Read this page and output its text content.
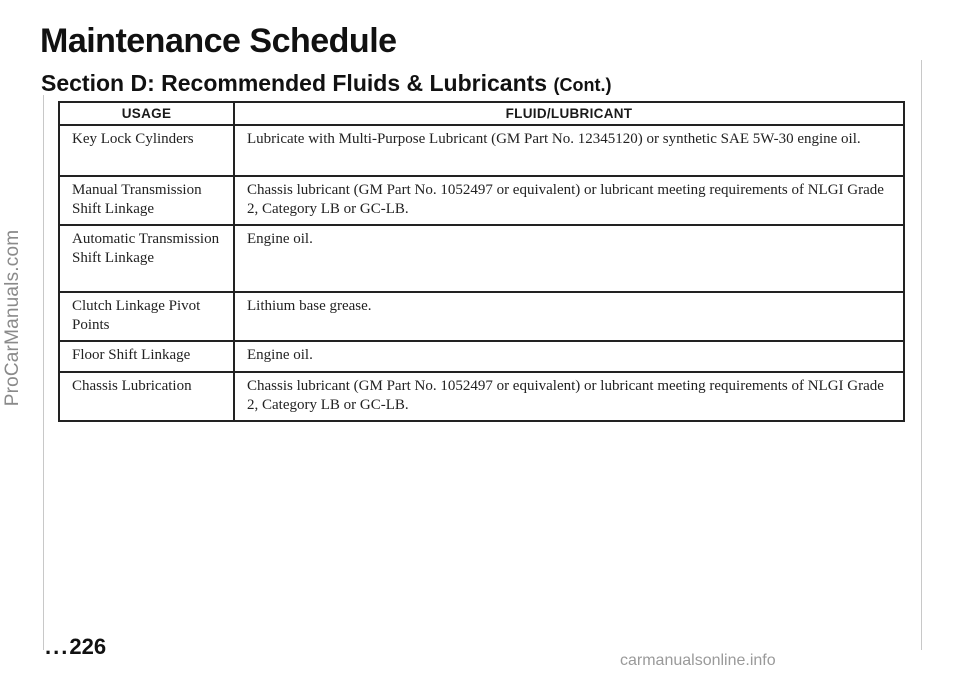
ProCarManuals.com
Maintenance Schedule
Section D: Recommended Fluids & Lubricants (Cont.)
USAGE	FLUID/LUBRICANT
Key Lock Cylinders	Lubricate with Multi-Purpose Lubricant (GM Part No. 12345120) or synthetic SAE 5W-30 engine oil.
Manual Transmission Shift Linkage	Chassis lubricant (GM Part No. 1052497 or equivalent) or lubricant meeting requirements of NLGI Grade 2, Category LB or GC-LB.
Automatic Transmission Shift Linkage	Engine oil.
Clutch Linkage Pivot Points	Lithium base grease.
Floor Shift Linkage	Engine oil.
Chassis Lubrication	Chassis lubricant (GM Part No. 1052497 or equivalent) or lubricant meeting requirements of NLGI Grade 2, Category LB or GC-LB.
...226
carmanualsonline.info
